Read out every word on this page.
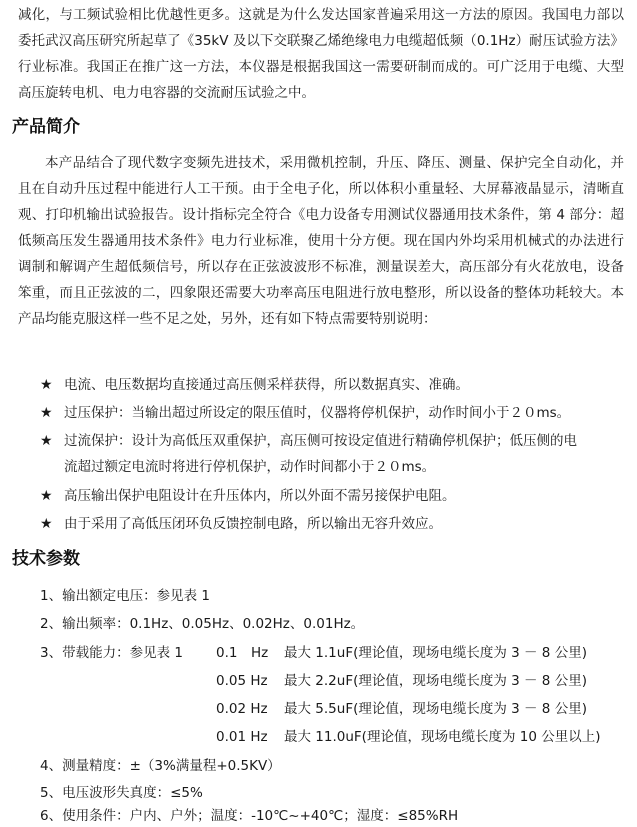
减化，与工频试验相比优越性更多。这就是为什么发达国家普遍采用这一方法的原因。我国电力部以委托武汉高压研究所起草了《35kV 及以下交联聚乙烯绝缘电力电缆超低频（0.1Hz）耐压试验方法》行业标准。我国正在推广这一方法，本仪器是根据我国这一需要研制而成的。可广泛用于电缆、大型高压旋转电机、电力电容器的交流耐压试验之中。

产品简介

本产品结合了现代数字变频先进技术，采用微机控制，升压、降压、测量、保护完全自动化，并且在自动升压过程中能进行人工干预。由于全电子化，所以体积小重量轻、大屏幕液晶显示，清晰直观、打印机输出试验报告。设计指标完全符合《电力设备专用测试仪器通用技术条件，第 4 部分：超低频高压发生器通用技术条件》电力行业标准，使用十分方便。现在国内外均采用机械式的办法进行调制和解调产生超低频信号，所以存在正弦波波形不标准，测量误差大，高压部分有火花放电，设备笨重，而且正弦波的二，四象限还需要大功率高压电阻进行放电整形，所以设备的整体功耗较大。本产品均能克服这样一些不足之处，另外，还有如下特点需要特别说明：

★ 电流、电压数据均直接通过高压侧采样获得，所以数据真实、准确。
★ 过压保护：当输出超过所设定的限压值时，仪器将停机保护，动作时间小于２０ms。
★ 过流保护：设计为高低压双重保护，高压侧可按设定值进行精确停机保护；低压侧的电
流超过额定电流时将进行停机保护，动作时间都小于２０ms。
★ 高压输出保护电阻设计在升压体内，所以外面不需另接保护电阻。
★ 由于采用了高低压闭环负反馈控制电路，所以输出无容升效应。
技术参数

1、输出额定电压：参见表 1

2、输出频率：0.1Hz、0.05Hz、0.02Hz、0.01Hz。

3、带载能力：参见表 1 0.1　Hz 最大 1.1uF(理论值，现场电缆长度为 3 － 8 公里)
0.05 Hz 最大 2.2uF(理论值，现场电缆长度为 3 － 8 公里)
0.02 Hz 最大 5.5uF(理论值，现场电缆长度为 3 － 8 公里)
0.01 Hz 最大 11.0uF(理论值，现场电缆长度为 10 公里以上)

4、测量精度：±（3%满量程+0.5KV）

5、电压波形失真度：≤5%

6、使用条件：户内、户外；温度：-10℃~+40℃；湿度：≤85%RH
